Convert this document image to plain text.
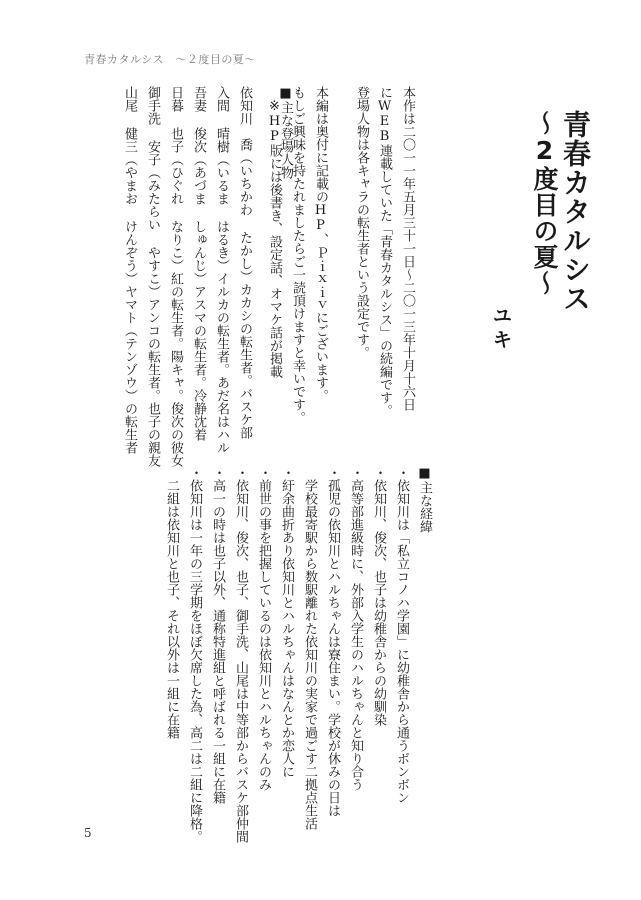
青春カタルシス　～２度目の夏～
青春カタルシス
～2度目の夏～
ユキ
本作は二〇一一年五月三十一日～二〇一三年十月十六日
にWEB連載していた「青春カタルシス」の続編です。
登場人物は各キャラの転生者という設定です。
本編は奥付に記載のHP、Ｐｉｘｉｖにございます。
もしご興味を持たれましたらご一読頂けますと幸いです。
※HP版には後書き、設定話、オマケ話が掲載
■主な登場人物
依知川　喬（いちかわ たかし）カカシの転生者。バスケ部
入間 晴樹（いるま はるき）イルカの転生者。あだ名はハル
吾妻 俊次（あづま しゅんじ）アスマの転生者。冷静沈着
日暮 也子（ひぐれ なりこ）紅の転生者。陽キャ。俊次の彼女
御手洗 安子（みたらい やすこ）アンコの転生者。也子の親友
山尾 健三（やまお けんぞう）ヤマト（テンゾウ）の転生者
■主な経緯
・依知川は「私立コノハ学園」に幼稚舎から通うボンボン
・依知川、俊次、也子は幼稚舎からの幼馴染
・高等部進級時に、外部入学生のハルちゃんと知り合う
・孤児の依知川とハルちゃんは寮住まい。学校が休みの日は
学校最寄駅から数駅離れた依知川の実家で過ごす二拠点生活
・紆余曲折あり依知川とハルちゃんはなんとか恋人に
・前世の事を把握しているのは依知川とハルちゃんのみ
・依知川、俊次、也子、御手洗、山尾は中等部からバスケ部仲間
・高一の時は也子以外、通称特進組と呼ばれる一組に在籍
・依知川は一年の三学期をほぼ欠席した為、高二は二組に降格。
二組は依知川と也子、それ以外は一組に在籍
5
